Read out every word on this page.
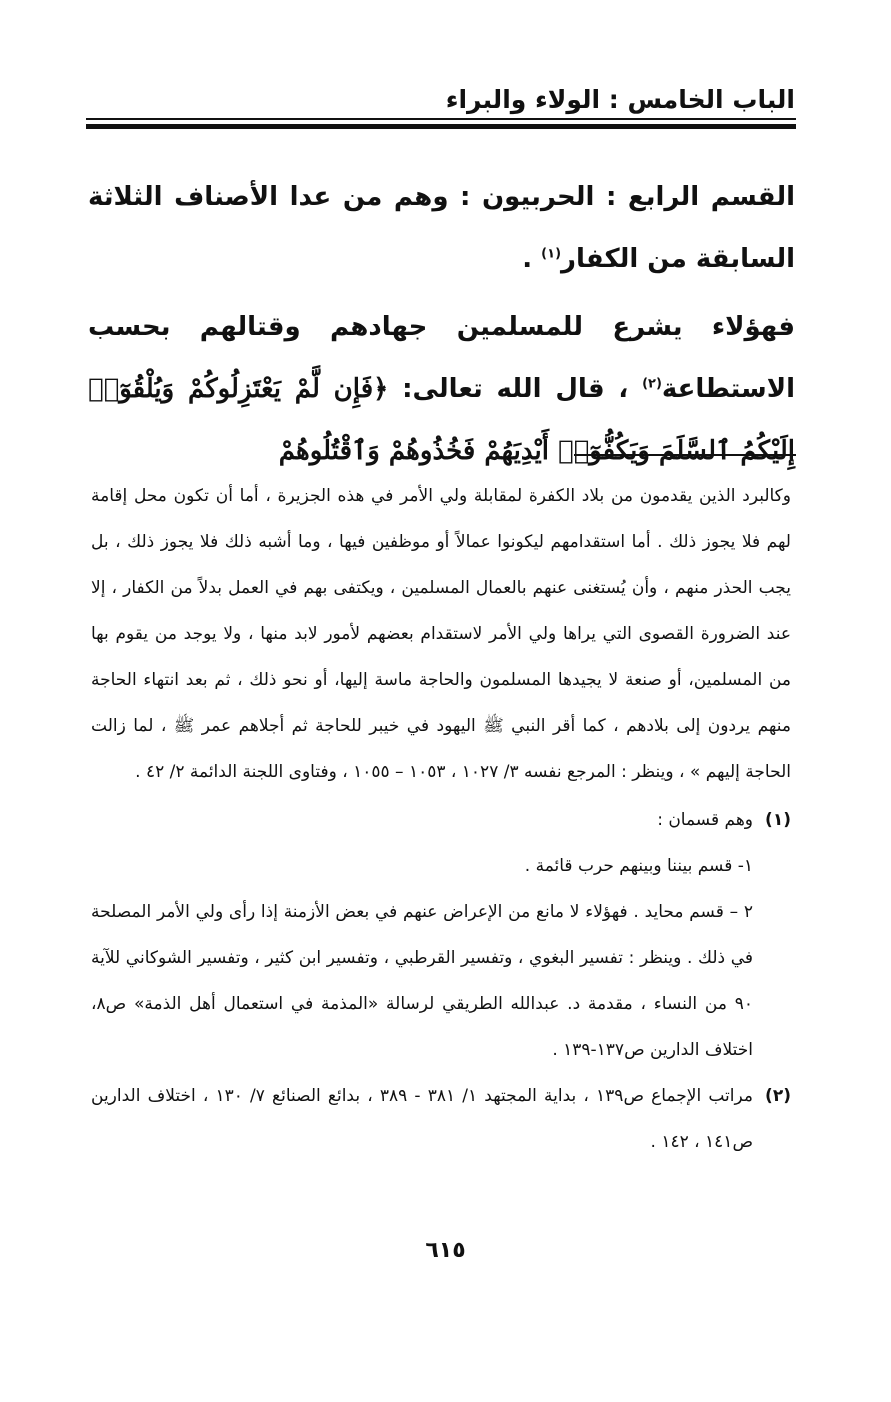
الباب الخامس : الولاء والبراء

القسم الرابع : الحربيون : وهم من عدا الأصناف الثلاثة السابقة من الكفار$^{(١)}$ .

فهؤلاء يشرع للمسلمين جهادهم وقتالهم بحسب الاستطاعة$^{(٢)}$ ، قال الله تعالى: ﴿فَإِن لَّمْ يَعْتَزِلُوكُمْ وَيُلْقُوٓا۟ إِلَيْكُمُ ٱلسَّلَمَ وَيَكُفُّوٓا۟ أَيْدِيَهُمْ فَخُذُوهُمْ وَٱقْتُلُوهُمْ

وكالبرد الذين يقدمون من بلاد الكفرة لمقابلة ولي الأمر في هذه الجزيرة ، أما أن تكون محل إقامة لهم فلا يجوز ذلك . أما استقدامهم ليكونوا عمالاً أو موظفين فيها ، وما أشبه ذلك فلا يجوز ذلك ، بل يجب الحذر منهم ، وأن يُستغنى عنهم بالعمال المسلمين ، ويكتفى بهم في العمل بدلاً من الكفار ، إلا عند الضرورة القصوى التي يراها ولي الأمر لاستقدام بعضهم لأمور لابد منها ، ولا يوجد من يقوم بها من المسلمين، أو صنعة لا يجيدها المسلمون والحاجة ماسة إليها، أو نحو ذلك ، ثم بعد انتهاء الحاجة منهم يردون إلى بلادهم ، كما أقر النبي ﷺ اليهود في خيبر للحاجة ثم أجلاهم عمر ﷺ ، لما زالت الحاجة إليهم » ، وينظر : المرجع نفسه ٣/ ١٠٢٧ ، ١٠٥٣ – ١٠٥٥ ، وفتاوى اللجنة الدائمة ٢/ ٤٢ .

(١)
وهم قسمان :

١- قسم بيننا وبينهم حرب قائمة .

٢ – قسم محايد . فهؤلاء لا مانع من الإعراض عنهم في بعض الأزمنة إذا رأى ولي الأمر المصلحة في ذلك . وينظر : تفسير البغوي ، وتفسير القرطبي ، وتفسير ابن كثير ، وتفسير الشوكاني للآية ٩٠ من النساء ، مقدمة د. عبدالله الطريقي لرسالة «المذمة في استعمال أهل الذمة» ص٨، اختلاف الدارين ص١٣٧-١٣٩ .

(٢)
مراتب الإجماع ص١٣٩ ، بداية المجتهد ١/ ٣٨١ - ٣٨٩ ، بدائع الصنائع ٧/ ١٣٠ ، اختلاف الدارين ص١٤١ ، ١٤٢ .
٦١٥
